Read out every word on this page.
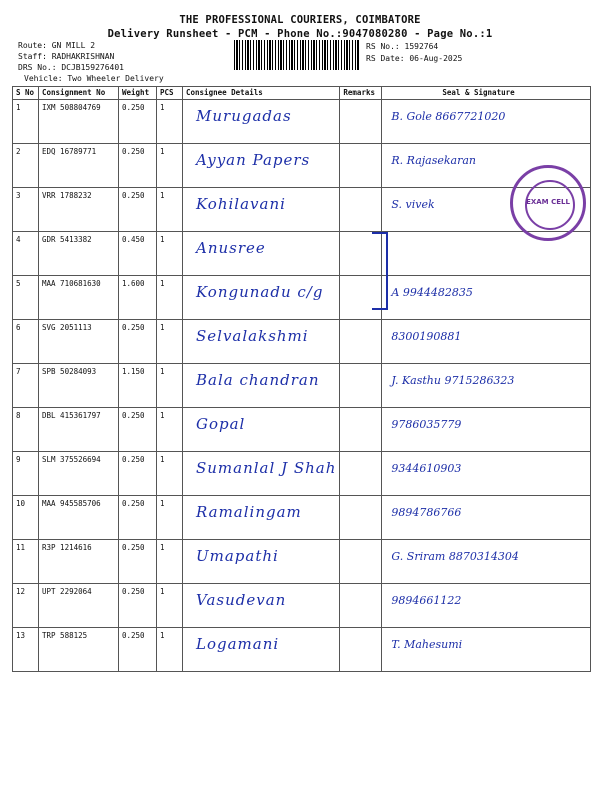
THE PROFESSIONAL COURIERS, COIMBATORE
Delivery Runsheet - PCM - Phone No.:9047080280 - Page No.:1
Route: GN MILL 2
Staff: RADHAKRISHNAN
DRS No.: DCJB159276401
Vehicle: Two Wheeler Delivery
RS No.: 1592764
RS Date: 06-Aug-2025
S No	Consignment No	Weight	PCS	Consignee Details	Remarks	Seal & Signature
1	IXM 508804769	0.250	1	Murugadas		B. Gole 8667721020

2	EDQ 16789771	0.250	1	Ayyan Papers		R. Rajasekaran

3	VRR 1788232	0.250	1	Kohilavani		S. vivek

4	GDR 5413382	0.450	1	Anusree		

5	MAA 710681630	1.600	1	Kongunadu c/g		A 9944482835

6	SVG 2051113	0.250	1	Selvalakshmi		8300190881

7	SPB 50284093	1.150	1	Bala chandran		J. Kasthu 9715286323

8	DBL 415361797	0.250	1	Gopal		9786035779

9	SLM 375526694	0.250	1	Sumanlal J Shah		9344610903

10	MAA 945585706	0.250	1	Ramalingam		9894786766

11	R3P 1214616	0.250	1	Umapathi		G. Sriram 8870314304

12	UPT 2292064	0.250	1	Vasudevan		9894661122

13	TRP 588125	0.250	1	Logamani		T. Mahesumi
EXAM CELL
